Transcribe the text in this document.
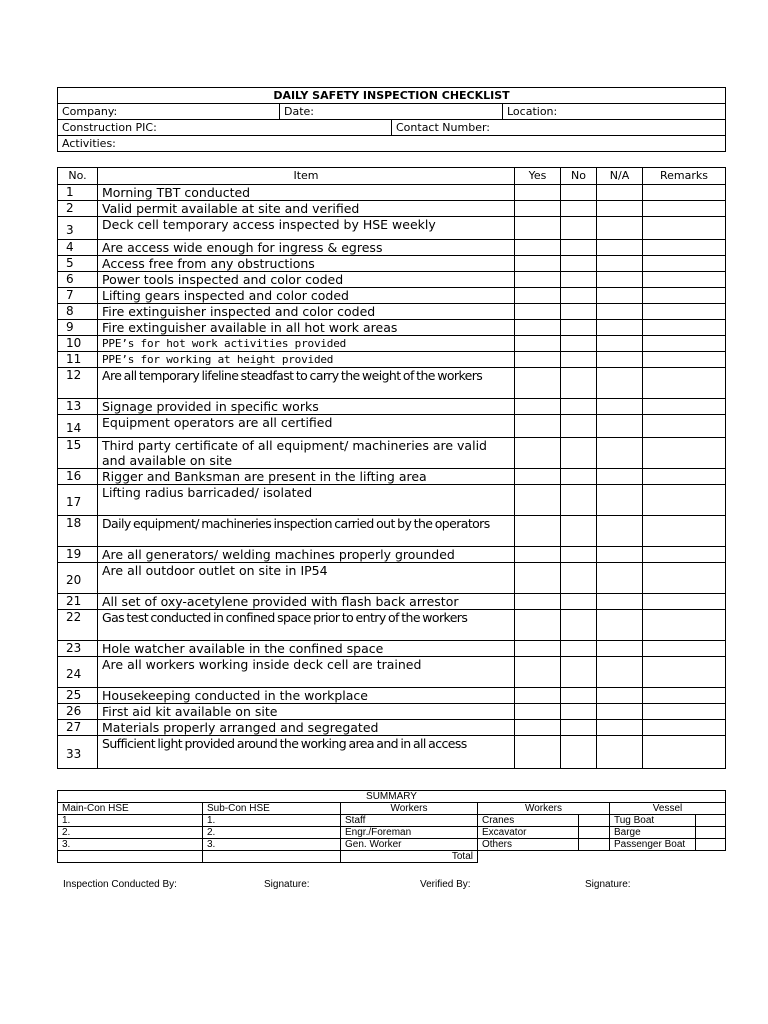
DAILY SAFETY INSPECTION CHECKLIST			
Company:	Date:		Location:
Construction PIC:		Contact Number:	
Activities:			
No.	Item	Yes	No	N/A	Remarks
1	Morning TBT conducted				
2	Valid permit available at site and verified				
3	Deck cell temporary access inspected by HSE weekly				
4	Are access wide enough for ingress & egress				
5	Access free from any obstructions				
6	Power tools inspected and color coded				
7	Lifting gears inspected and color coded				
8	Fire extinguisher inspected and color coded				
9	Fire extinguisher available in all hot work areas				
10	PPE’s for hot work activities provided				
11	PPE’s for working at height provided				
12	Are all temporary lifeline steadfast to carry the weight of the workers				
13	Signage provided in specific works				
14	Equipment operators are all certified				
15	Third party certificate of all equipment/ machineries are valid and available on site				
16	Rigger and Banksman are present in the lifting area				
17	Lifting radius barricaded/ isolated				
18	Daily equipment/ machineries inspection carried out by the operators				
19	Are all generators/ welding machines properly grounded				
20	Are all outdoor outlet on site in IP54				
21	All set of oxy-acetylene provided with flash back arrestor				
22	Gas test conducted in confined space prior to entry of the workers				
23	Hole watcher available in the confined space				
24	Are all workers working inside deck cell are trained				
25	Housekeeping conducted in the workplace				
26	First aid kit available on site				
27	Materials properly arranged and segregated				
33	Sufficient light provided around the working area and in all access				
SUMMARY						
Main-Con HSE	Sub-Con HSE	Workers	Workers		Vessel	
1.	1.	Staff	Cranes		Tug Boat	
2.	2.	Engr./Foreman	Excavator		Barge	
3.	3.	Gen. Worker	Others		Passenger Boat	
		Total				
Inspection Conducted By:	Signature:	Verified By:	Signature:
